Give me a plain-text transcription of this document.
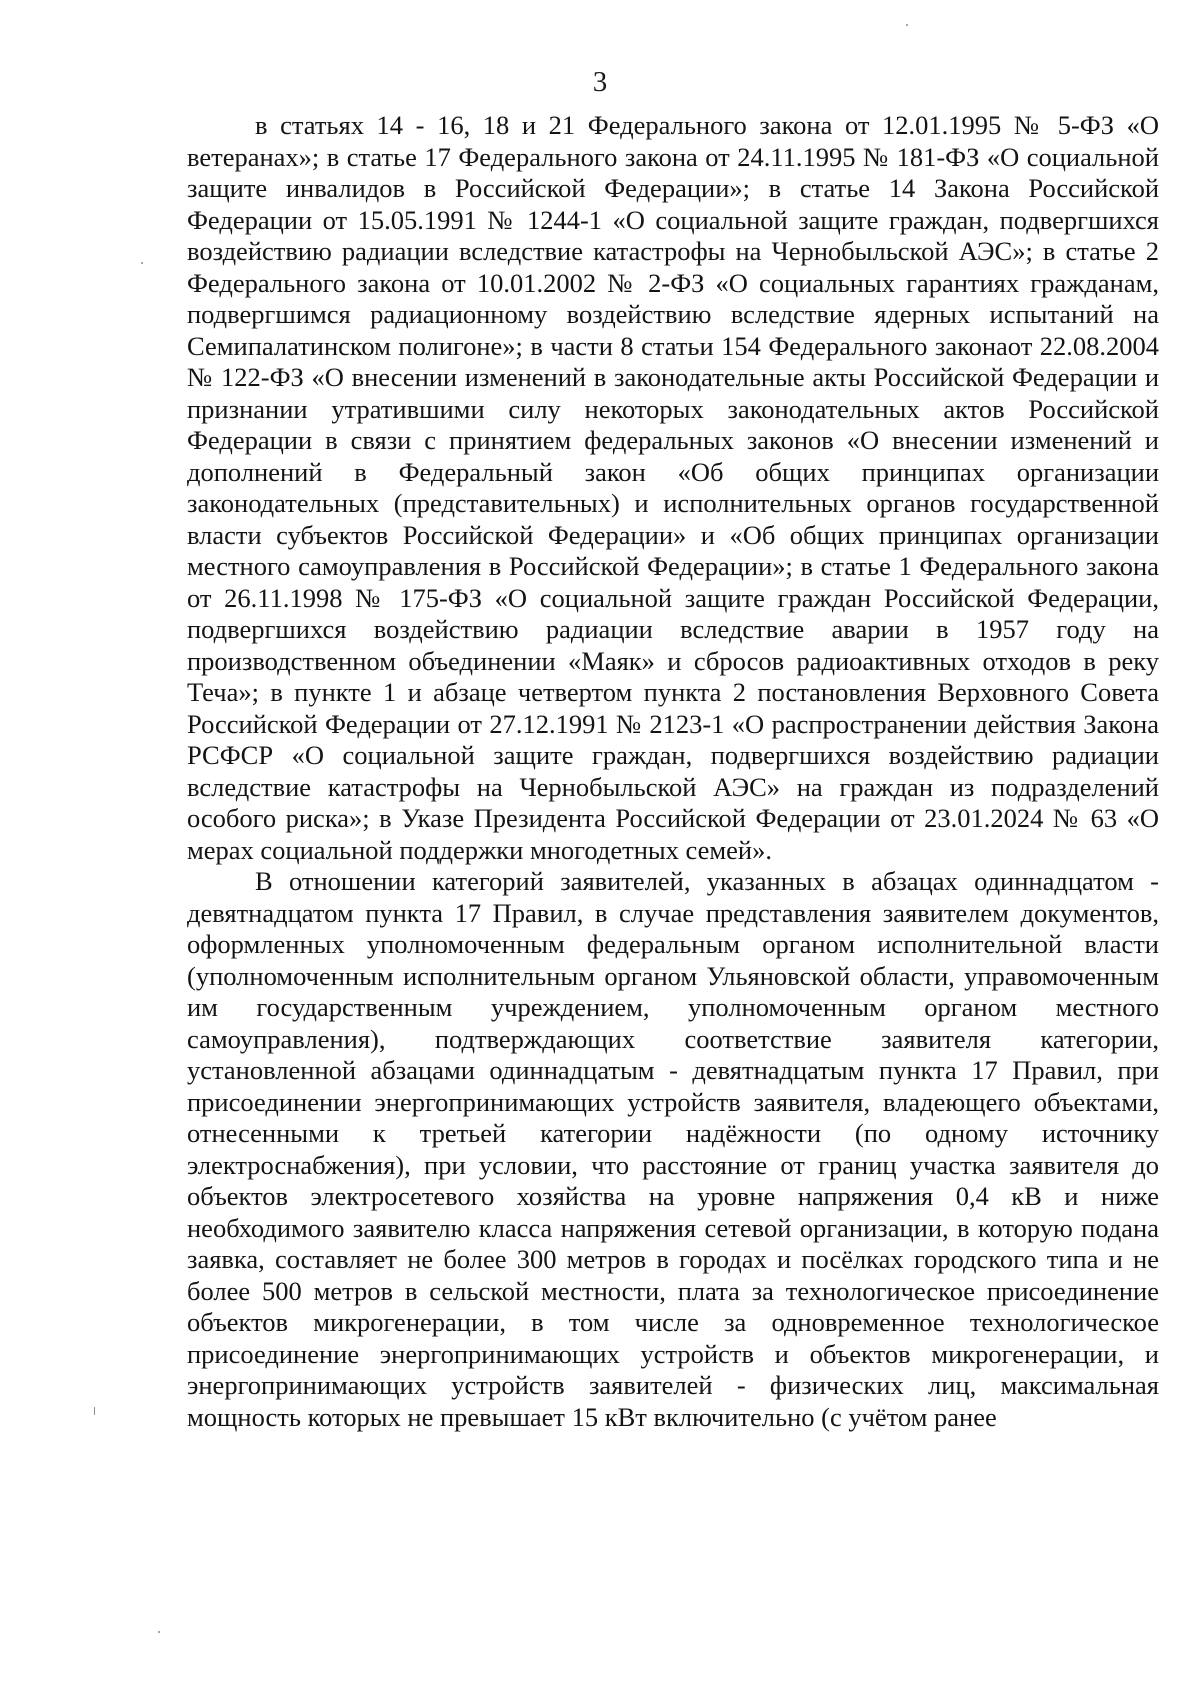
3

в статьях 14 - 16, 18 и 21 Федерального закона от 12.01.1995 № 5-ФЗ «О ветеранах»; в статье 17 Федерального закона от 24.11.1995 № 181-ФЗ «О социальной защите инвалидов в Российской Федерации»; в статье 14 Закона Российской Федерации от 15.05.1991 № 1244-1 «О социальной защите граждан, подвергшихся воздействию радиации вследствие катастрофы на Чернобыльской АЭС»; в статье 2 Федерального закона от 10.01.2002 № 2-ФЗ «О социальных гарантиях гражданам, подвергшимся радиационному воздействию вследствие ядерных испытаний на Семипалатинском полигоне»; в части 8 статьи 154 Федерального законаот 22.08.2004 № 122-ФЗ «О внесении изменений в законодательные акты Российской Федерации и признании утратившими силу некоторых законодательных актов Российской Федерации в связи с принятием федеральных законов «О внесении изменений и дополнений в Федеральный закон «Об общих принципах организации законодательных (представительных) и исполнительных органов государственной власти субъектов Российской Федерации» и «Об общих принципах организации местного самоуправления в Российской Федерации»; в статье 1 Федерального закона от 26.11.1998 № 175-ФЗ «О социальной защите граждан Российской Федерации, подвергшихся воздействию радиации вследствие аварии в 1957 году на производственном объединении «Маяк» и сбросов радиоактивных отходов в реку Теча»; в пункте 1 и абзаце четвертом пункта 2 постановления Верховного Совета Российской Федерации от 27.12.1991 № 2123-1 «О распространении действия Закона РСФСР «О социальной защите граждан, подвергшихся воздействию радиации вследствие катастрофы на Чернобыльской АЭС» на граждан из подразделений особого риска»; в Указе Президента Российской Федерации от 23.01.2024 № 63 «О мерах социальной поддержки многодетных семей».

В отношении категорий заявителей, указанных в абзацах одиннадцатом - девятнадцатом пункта 17 Правил, в случае представления заявителем документов, оформленных уполномоченным федеральным органом исполнительной власти (уполномоченным исполнительным органом Ульяновской области, управомоченным им государственным учреждением, уполномоченным органом местного самоуправления), подтверждающих соответствие заявителя категории, установленной абзацами одиннадцатым - девятнадцатым пункта 17 Правил, при присоединении энергопринимающих устройств заявителя, владеющего объектами, отнесенными к третьей категории надёжности (по одному источнику электроснабжения), при условии, что расстояние от границ участка заявителя до объектов электросетевого хозяйства на уровне напряжения 0,4 кВ и ниже необходимого заявителю класса напряжения сетевой организации, в которую подана заявка, составляет не более 300 метров в городах и посёлках городского типа и не более 500 метров в сельской местности, плата за технологическое присоединение объектов микрогенерации, в том числе за одновременное технологическое присоединение энергопринимающих устройств и объектов микрогенерации, и энергопринимающих устройств заявителей - физических лиц, максимальная мощность которых не превышает 15 кВт включительно (с учётом ранее
